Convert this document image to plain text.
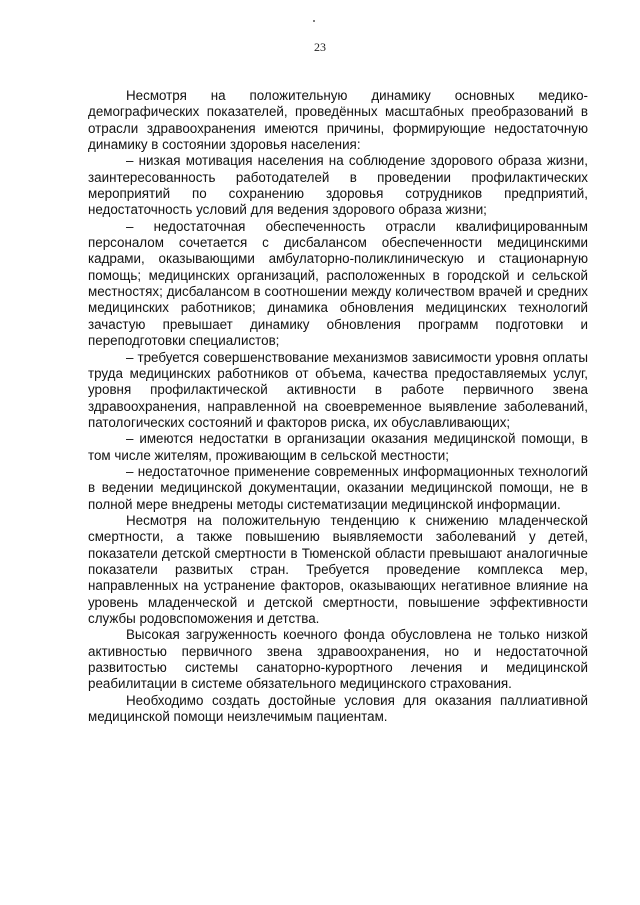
23

Несмотря на положительную динамику основных медико-демографических показателей, проведённых масштабных преобразований в отрасли здравоохранения имеются причины, формирующие недостаточную динамику в состоянии здоровья населения:

– низкая мотивация населения на соблюдение здорового образа жизни, заинтересованность работодателей в проведении профилактических мероприятий по сохранению здоровья сотрудников предприятий, недостаточность условий для ведения здорового образа жизни;

– недостаточная обеспеченность отрасли квалифицированным персоналом сочетается с дисбалансом обеспеченности медицинскими кадрами, оказывающими амбулаторно-поликлиническую и стационарную помощь; медицинских организаций, расположенных в городской и сельской местностях; дисбалансом в соотношении между количеством врачей и средних медицинских работников; динамика обновления медицинских технологий зачастую превышает динамику обновления программ подготовки и переподготовки специалистов;

– требуется совершенствование механизмов зависимости уровня оплаты труда медицинских работников от объема, качества предоставляемых услуг, уровня профилактической активности в работе первичного звена здравоохранения, направленной на своевременное выявление заболеваний, патологических состояний и факторов риска, их обуславливающих;

– имеются недостатки в организации оказания медицинской помощи, в том числе жителям, проживающим в сельской местности;

– недостаточное применение современных информационных технологий в ведении медицинской документации, оказании медицинской помощи, не в полной мере внедрены методы систематизации медицинской информации.

Несмотря на положительную тенденцию к снижению младенческой смертности, а также повышению выявляемости заболеваний у детей, показатели детской смертности в Тюменской области превышают аналогичные показатели развитых стран. Требуется проведение комплекса мер, направленных на устранение факторов, оказывающих негативное влияние на уровень младенческой и детской смертности, повышение эффективности службы родовспоможения и детства.

Высокая загруженность коечного фонда обусловлена не только низкой активностью первичного звена здравоохранения, но и недостаточной развитостью системы санаторно-курортного лечения и медицинской реабилитации в системе обязательного медицинского страхования.

Необходимо создать достойные условия для оказания паллиативной медицинской помощи неизлечимым пациентам.
